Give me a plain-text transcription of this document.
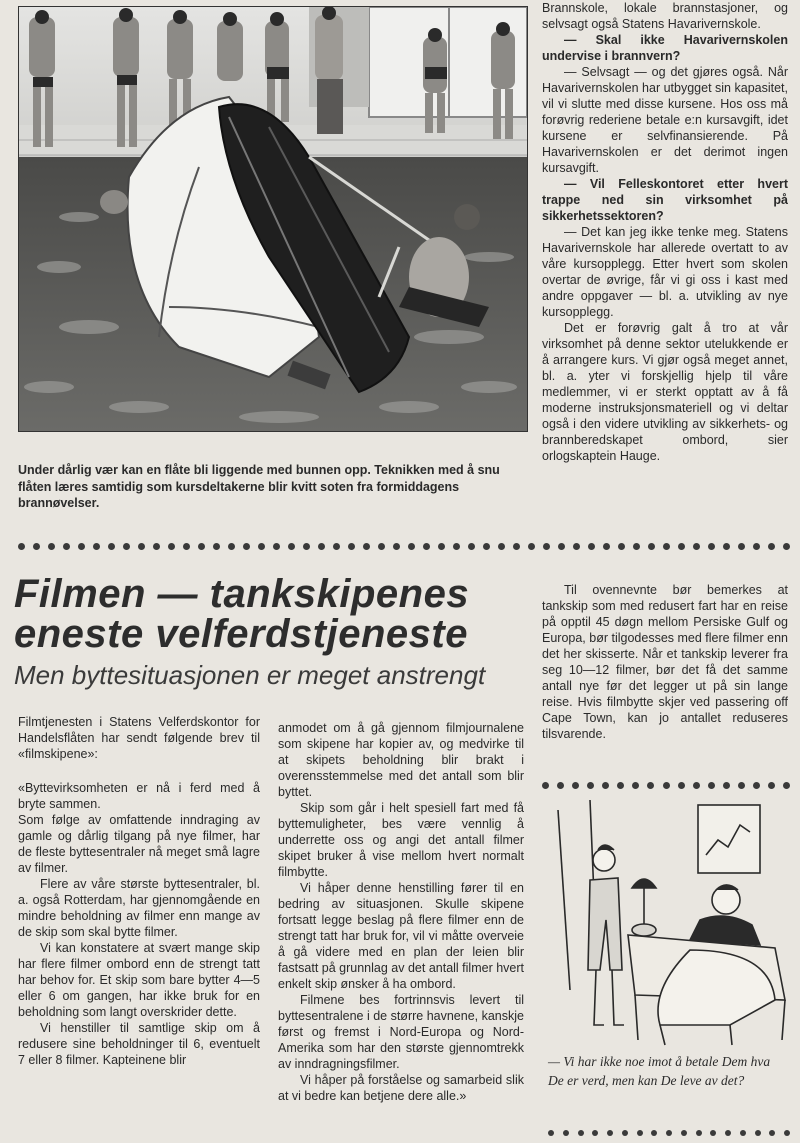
Under dårlig vær kan en flåte bli liggende med bunnen opp. Teknikken med å snu flåten læres samtidig som kursdeltakerne blir kvitt soten fra formiddagens brannøvelser.

Brannskole, lokale brannstasjoner, og selvsagt også Statens Havarivernskole.

— Skal ikke Havarivernskolen undervise i brannvern?

— Selvsagt — og det gjøres også. Når Havarivernskolen har utbygget sin kapasitet, vil vi slutte med disse kursene. Hos oss må forøvrig rederiene betale e:n kursavgift, idet kursene er selvfinansierende. På Havarivernskolen er det derimot ingen kursavgift.

— Vil Felleskontoret etter hvert trappe ned sin virksomhet på sikkerhetssektoren?

— Det kan jeg ikke tenke meg. Statens Havarivernskole har allerede overtatt to av våre kursopplegg. Etter hvert som skolen overtar de øvrige, får vi gi oss i kast med andre oppgaver — bl. a. utvikling av nye kursopplegg.

Det er forøvrig galt å tro at vår virksomhet på denne sektor utelukkende er å arrangere kurs. Vi gjør også meget annet, bl. a. yter vi forskjellig hjelp til våre medlemmer, vi er sterkt opptatt av å få moderne instruksjonsmateriell og vi deltar også i den videre utvikling av sikkerhets- og brannberedskapet ombord, sier orlogskaptein Hauge.

Filmen — tankskipenes
eneste velferdstjeneste
Men byttesituasjonen er meget anstrengt

Filmtjenesten i Statens Velferdskontor for Handelsflåten har sendt følgende brev til «filmskipene»:

«Byttevirksomheten er nå i ferd med å bryte sammen.

Som følge av omfattende inndraging av gamle og dårlig tilgang på nye filmer, har de fleste byttesentraler nå meget små lagre av filmer.

Flere av våre største byttesentraler, bl. a. også Rotterdam, har gjennomgående en mindre beholdning av filmer enn mange av de skip som skal bytte filmer.

Vi kan konstatere at svært mange skip har flere filmer ombord enn de strengt tatt har behov for. Et skip som bare bytter 4—5 eller 6 om gangen, har ikke bruk for en beholdning som langt overskrider dette.

Vi henstiller til samtlige skip om å redusere sine beholdninger til 6, eventuelt 7 eller 8 filmer. Kapteinene blir

anmodet om å gå gjennom filmjournalene som skipene har kopier av, og medvirke til at skipets beholdning blir brakt i overensstemmelse med det antall som blir byttet.

Skip som går i helt spesiell fart med få byttemuligheter, bes være vennlig å underrette oss og angi det antall filmer skipet bruker å vise mellom hvert normalt filmbytte.

Vi håper denne henstilling fører til en bedring av situasjonen. Skulle skipene fortsatt legge beslag på flere filmer enn de strengt tatt har bruk for, vil vi måtte overveie å gå videre med en plan der leien blir fastsatt på grunnlag av det antall filmer hvert enkelt skip ønsker å ha ombord.

Filmene bes fortrinnsvis levert til byttesentralene i de større havnene, kanskje først og fremst i Nord-Europa og Nord-Amerika som har den største gjennomtrekk av inndragningsfilmer.

Vi håper på forståelse og samarbeid slik at vi bedre kan betjene dere alle.»

Til ovennevnte bør bemerkes at tankskip som med redusert fart har en reise på opptil 45 døgn mellom Persiske Gulf og Europa, bør tilgodesses med flere filmer enn det her skisserte. Når et tankskip leverer fra seg 10—12 filmer, bør det få det samme antall nye før det legger ut på sin lange reise. Hvis filmbytte skjer ved passering off Cape Town, kan jo antallet reduseres tilsvarende.

— Vi har ikke noe imot å betale Dem hva De er verd, men kan De leve av det?
